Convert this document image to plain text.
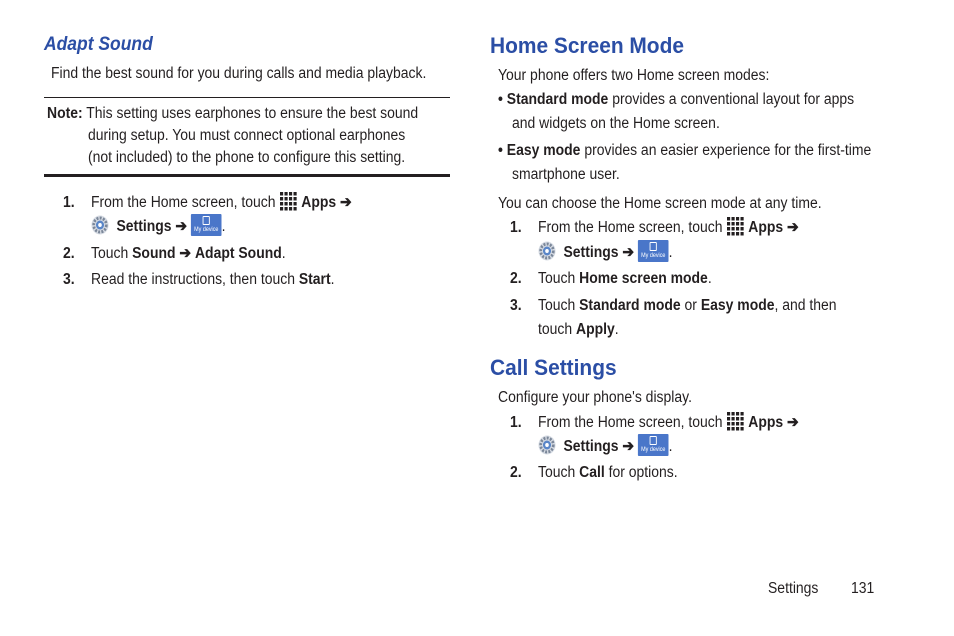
Adapt Sound
Find the best sound for you during calls and media playback.
Note: This setting uses earphones to ensure the best sound
during setup. You must connect optional earphones
(not included) to the phone to configure this setting.
1. From the Home screen, touch Apps ➔
Settings ➔ My device .
2. Touch Sound ➔ Adapt Sound.
3. Read the instructions, then touch Start.
Home Screen Mode
Your phone offers two Home screen modes:
• Standard mode provides a conventional layout for apps
and widgets on the Home screen.
• Easy mode provides an easier experience for the first-time
smartphone user.
You can choose the Home screen mode at any time.
1. From the Home screen, touch Apps ➔
Settings ➔ My device .
2. Touch Home screen mode.
3. Touch Standard mode or Easy mode, and then
touch Apply.
Call Settings
Configure your phone's display.
1. From the Home screen, touch Apps ➔
Settings ➔ My device .
2. Touch Call for options.
Settings 131
